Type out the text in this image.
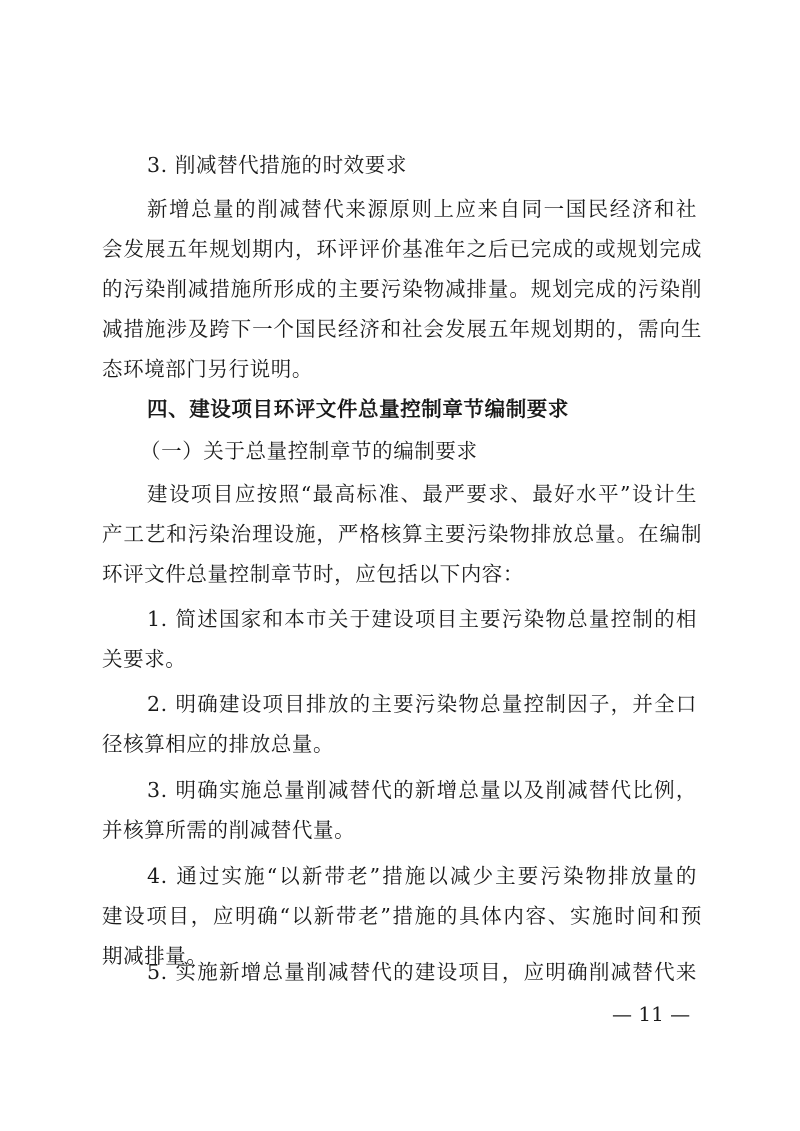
3. 削减替代措施的时效要求
新增总量的削减替代来源原则上应来自同一国民经济和社
会发展五年规划期内，环评评价基准年之后已完成的或规划完成
的污染削减措施所形成的主要污染物减排量。规划完成的污染削
减措施涉及跨下一个国民经济和社会发展五年规划期的，需向生
态环境部门另行说明。
四、建设项目环评文件总量控制章节编制要求
（一）关于总量控制章节的编制要求
建设项目应按照“最高标准、最严要求、最好水平”设计生
产工艺和污染治理设施，严格核算主要污染物排放总量。在编制
环评文件总量控制章节时，应包括以下内容：
1. 简述国家和本市关于建设项目主要污染物总量控制的相
关要求。
2. 明确建设项目排放的主要污染物总量控制因子，并全口
径核算相应的排放总量。
3. 明确实施总量削减替代的新增总量以及削减替代比例，
并核算所需的削减替代量。
4. 通过实施“以新带老”措施以减少主要污染物排放量的
建设项目，应明确“以新带老”措施的具体内容、实施时间和预
期减排量。
5. 实施新增总量削减替代的建设项目，应明确削减替代来
— 11 —
